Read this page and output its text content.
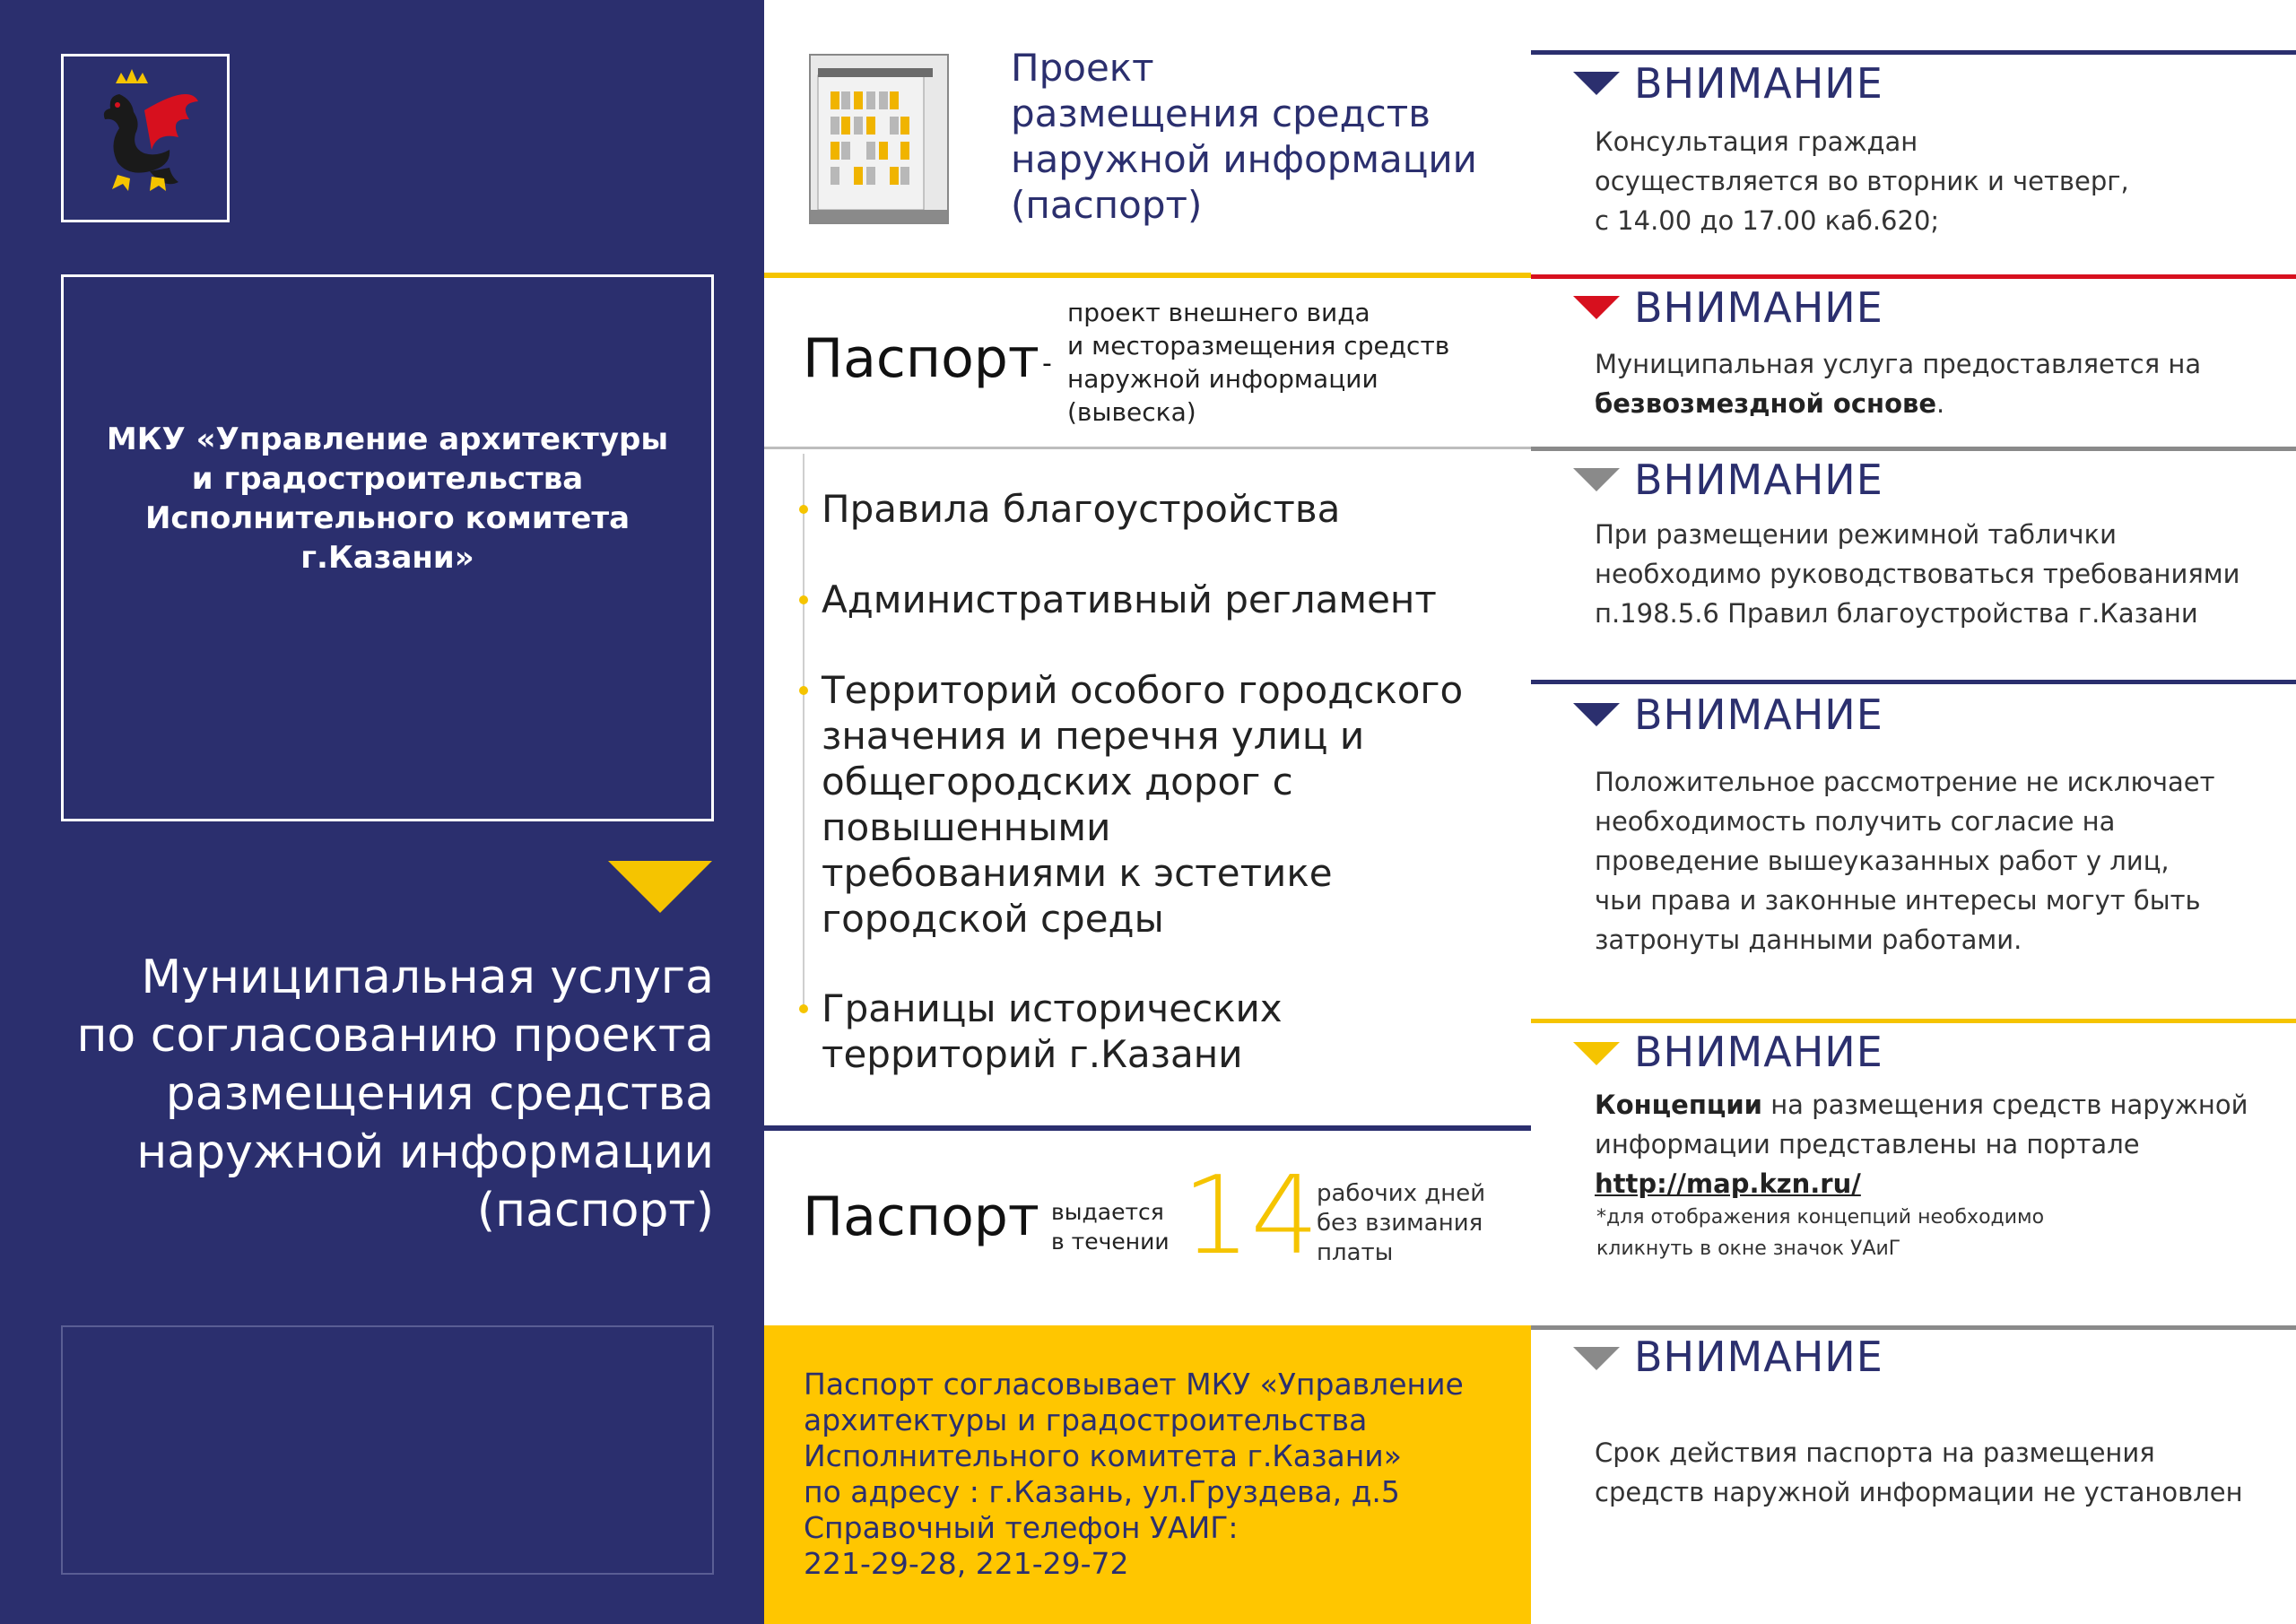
МКУ «Управление архитектуры
и градостроительства
Исполнительного комитета
г.Казани»
Муниципальная услуга
по согласованию проекта
размещения средства
наружной информации
(паспорт)
Проект
размещения средств
наружной информации
(паспорт)
Паспорт -
проект внешнего вида
и месторазмещения средств
наружной информации
(вывеска)
Правила благоустройства
Административный регламент
Территорий особого городского
значения и перечня улиц и
общегородских дорог с
повышенными
требованиями к эстетике
городской среды
Границы исторических
территорий г.Казани
Паспорт выдается
в течении 14
рабочих дней
без взимания
платы
Паспорт согласовывает МКУ «Управление
архитектуры и градостроительства
Исполнительного комитета г.Казани»
по адресу : г.Казань, ул.Груздева, д.5
Справочный телефон УАИГ:
221-29-28, 221-29-72
ВНИМАНИЕ
Консультация граждан
осуществляется во вторник и четверг,
с 14.00 до 17.00 каб.620;
ВНИМАНИЕ
Муниципальная услуга предоставляется на
безвозмездной основе.
ВНИМАНИЕ
При размещении режимной таблички
необходимо руководствоваться требованиями
п.198.5.6 Правил благоустройства г.Казани
ВНИМАНИЕ
Положительное рассмотрение не исключает
необходимость получить согласие на
проведение вышеуказанных работ у лиц,
чьи права и законные интересы могут быть
затронуты данными работами.
ВНИМАНИЕ
Концепции на размещения средств наружной
информации представлены на портале
http://map.kzn.ru/
*для отображения концепций необходимо
кликнуть в окне значок УАиГ
ВНИМАНИЕ
Срок действия паспорта на размещения
средств наружной информации не установлен
